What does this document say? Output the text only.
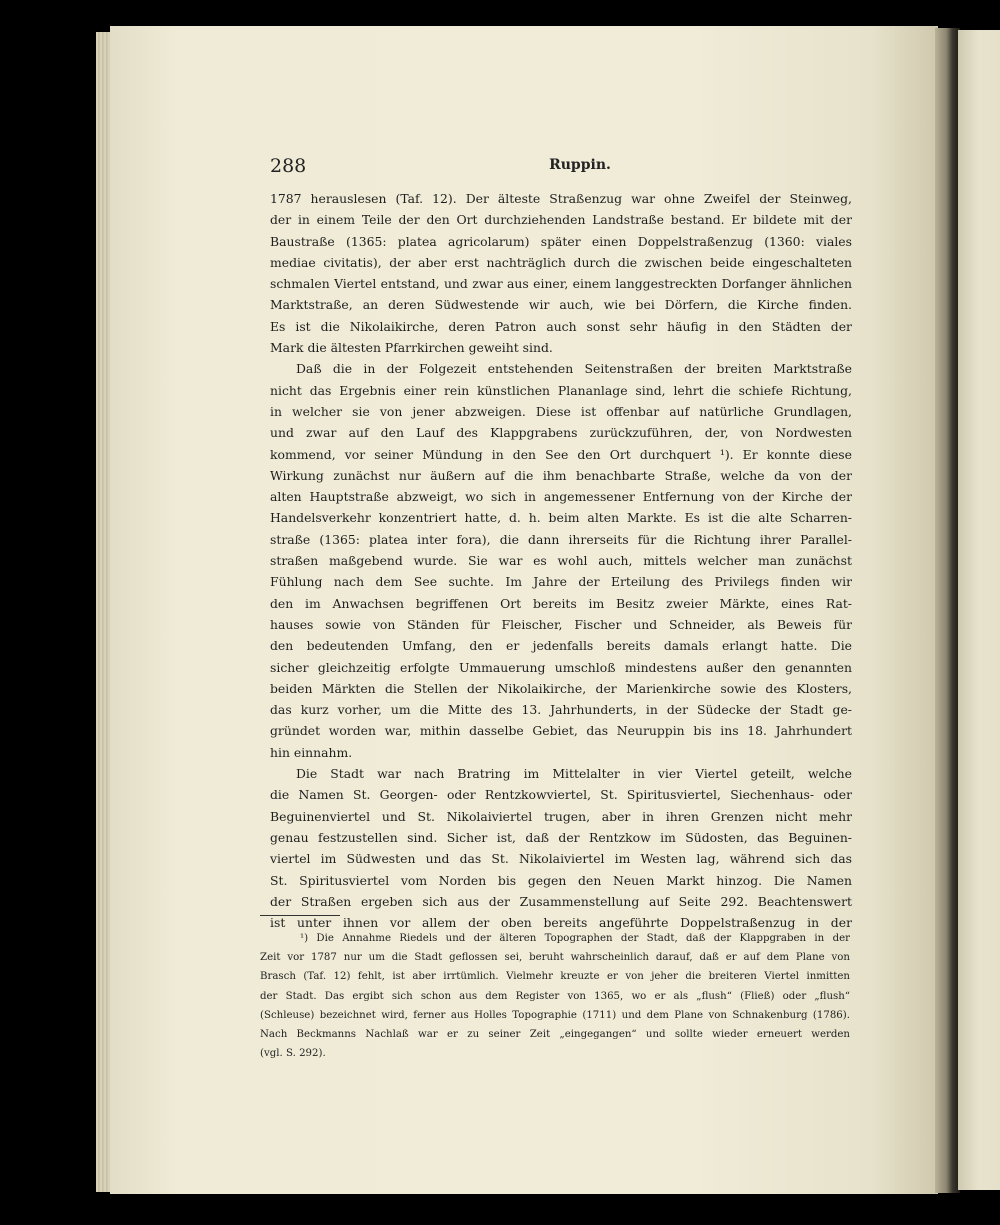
288	Ruppin.
1787 herauslesen (Taf. 12). Der älteste Straßenzug war ohne Zweifel der Steinweg,
der in einem Teile der den Ort durchziehenden Landstraße bestand. Er bildete mit der
Baustraße (1365: platea agricolarum) später einen Doppelstraßenzug (1360: viales
mediae civitatis), der aber erst nachträglich durch die zwischen beide eingeschalteten
schmalen Viertel entstand, und zwar aus einer, einem langgestreckten Dorfanger ähnlichen
Marktstraße, an deren Südwestende wir auch, wie bei Dörfern, die Kirche finden.
Es ist die Nikolaikirche, deren Patron auch sonst sehr häufig in den Städten der
Mark die ältesten Pfarrkirchen geweiht sind.
Daß die in der Folgezeit entstehenden Seitenstraßen der breiten Marktstraße
nicht das Ergebnis einer rein künstlichen Plananlage sind, lehrt die schiefe Richtung,
in welcher sie von jener abzweigen. Diese ist offenbar auf natürliche Grundlagen,
und zwar auf den Lauf des Klappgrabens zurückzuführen, der, von Nordwesten
kommend, vor seiner Mündung in den See den Ort durchquert ¹). Er konnte diese
Wirkung zunächst nur äußern auf die ihm benachbarte Straße, welche da von der
alten Hauptstraße abzweigt, wo sich in angemessener Entfernung von der Kirche der
Handelsverkehr konzentriert hatte, d. h. beim alten Markte. Es ist die alte Scharren-
straße (1365: platea inter fora), die dann ihrerseits für die Richtung ihrer Parallel-
straßen maßgebend wurde. Sie war es wohl auch, mittels welcher man zunächst
Fühlung nach dem See suchte. Im Jahre der Erteilung des Privilegs finden wir
den im Anwachsen begriffenen Ort bereits im Besitz zweier Märkte, eines Rat-
hauses sowie von Ständen für Fleischer, Fischer und Schneider, als Beweis für
den bedeutenden Umfang, den er jedenfalls bereits damals erlangt hatte. Die
sicher gleichzeitig erfolgte Ummauerung umschloß mindestens außer den genannten
beiden Märkten die Stellen der Nikolaikirche, der Marienkirche sowie des Klosters,
das kurz vorher, um die Mitte des 13. Jahrhunderts, in der Südecke der Stadt ge-
gründet worden war, mithin dasselbe Gebiet, das Neuruppin bis ins 18. Jahrhundert
hin einnahm.
Die Stadt war nach Bratring im Mittelalter in vier Viertel geteilt, welche
die Namen St. Georgen- oder Rentzkowviertel, St. Spiritusviertel, Siechenhaus- oder
Beguinenviertel und St. Nikolaiviertel trugen, aber in ihren Grenzen nicht mehr
genau festzustellen sind. Sicher ist, daß der Rentzkow im Südosten, das Beguinen-
viertel im Südwesten und das St. Nikolaiviertel im Westen lag, während sich das
St. Spiritusviertel vom Norden bis gegen den Neuen Markt hinzog. Die Namen
der Straßen ergeben sich aus der Zusammenstellung auf Seite 292. Beachtenswert
ist unter ihnen vor allem der oben bereits angeführte Doppelstraßenzug in der
¹) Die Annahme Riedels und der älteren Topographen der Stadt, daß der Klappgraben in der
Zeit vor 1787 nur um die Stadt geflossen sei, beruht wahrscheinlich darauf, daß er auf dem Plane von
Brasch (Taf. 12) fehlt, ist aber irrtümlich. Vielmehr kreuzte er von jeher die breiteren Viertel inmitten
der Stadt. Das ergibt sich schon aus dem Register von 1365, wo er als „flush“ (Fließ) oder „flush“
(Schleuse) bezeichnet wird, ferner aus Holles Topographie (1711) und dem Plane von Schnakenburg (1786).
Nach Beckmanns Nachlaß war er zu seiner Zeit „eingegangen“ und sollte wieder erneuert werden
(vgl. S. 292).
